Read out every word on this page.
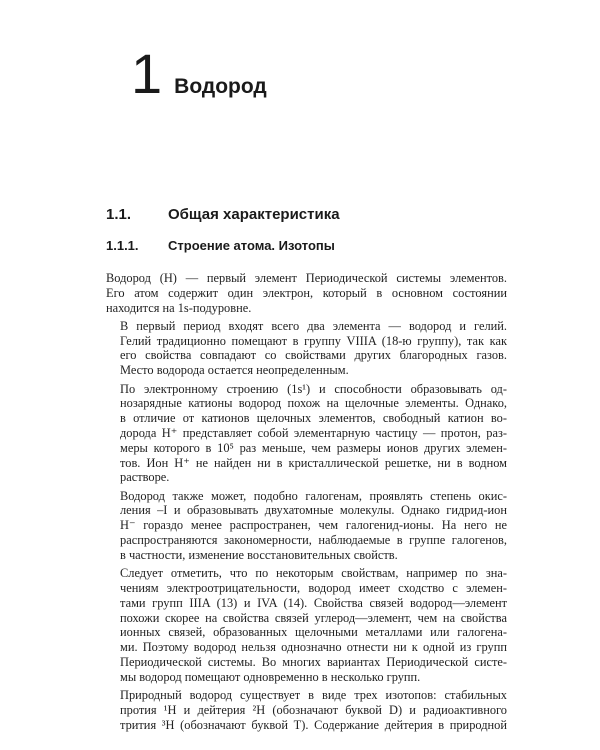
1 Водород
1.1. Общая характеристика
1.1.1. Строение атома. Изотопы

Водород (H) — первый элемент Периодической системы элементов.
Его атом содержит один электрон, который в основном состоянии
находится на 1s-подуровне.

В первый период входят всего два элемента — водород и гелий.
Гелий традиционно помещают в группу VIIIA (18-ю группу), так как
его свойства совпадают со свойствами других благородных газов.
Место водорода остается неопределенным.

По электронному строению (1s¹) и способности образовывать од-
нозарядные катионы водород похож на щелочные элементы. Однако,
в отличие от катионов щелочных элементов, свободный катион во-
дорода H⁺ представляет собой элементарную частицу — протон, раз-
меры которого в 10⁵ раз меньше, чем размеры ионов других элемен-
тов. Ион H⁺ не найден ни в кристаллической решетке, ни в водном
растворе.

Водород также может, подобно галогенам, проявлять степень окис-
ления –I и образовывать двухатомные молекулы. Однако гидрид-ион
H⁻ гораздо менее распространен, чем галогенид-ионы. На него не
распространяются закономерности, наблюдаемые в группе галогенов,
в частности, изменение восстановительных свойств.

Следует отметить, что по некоторым свойствам, например по зна-
чениям электроотрицательности, водород имеет сходство с элемен-
тами групп IIIA (13) и IVA (14). Свойства связей водород—элемент
похожи скорее на свойства связей углерод—элемент, чем на свойства
ионных связей, образованных щелочными металлами или галогена-
ми. Поэтому водород нельзя однозначно отнести ни к одной из групп
Периодической системы. Во многих вариантах Периодической систе-
мы водород помещают одновременно в несколько групп.

Природный водород существует в виде трех изотопов: стабильных
протия ¹H и дейтерия ²H (обозначают буквой D) и радиоактивного
трития ³H (обозначают буквой T). Содержание дейтерия в природной
